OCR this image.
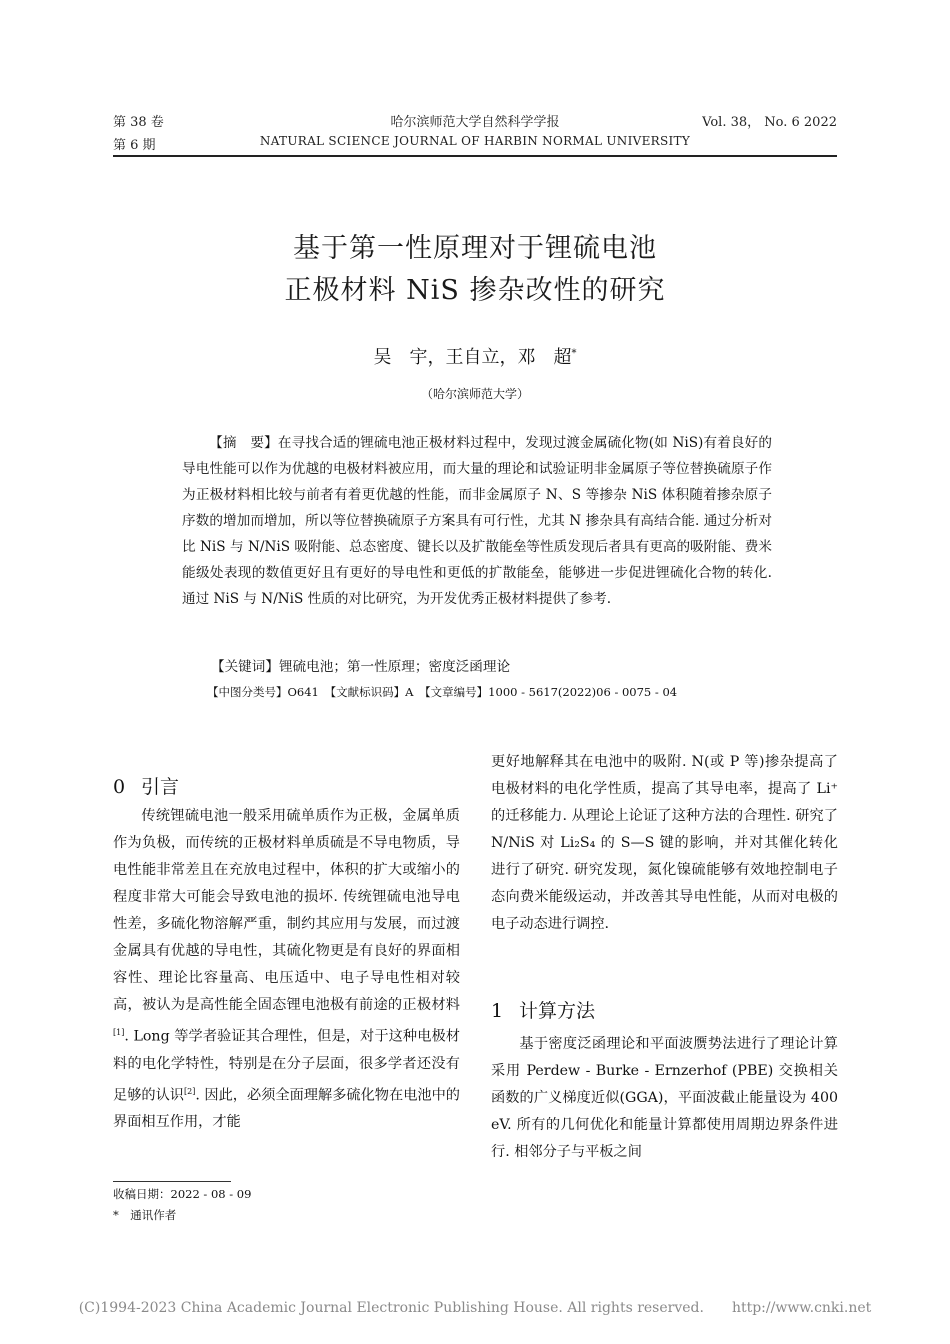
第 38 卷
第 6 期
哈尔滨师范大学自然科学学报
NATURAL SCIENCE JOURNAL OF HARBIN NORMAL UNIVERSITY
Vol. 38， No. 6 2022
基于第一性原理对于锂硫电池
正极材料 NiS 掺杂改性的研究
吴　宇，王自立，邓　超*
（哈尔滨师范大学）
【摘　要】在寻找合适的锂硫电池正极材料过程中，发现过渡金属硫化物(如 NiS)有着良好的导电性能可以作为优越的电极材料被应用，而大量的理论和试验证明非金属原子等位替换硫原子作为正极材料相比较与前者有着更优越的性能，而非金属原子 N、S 等掺杂 NiS 体积随着掺杂原子序数的增加而增加，所以等位替换硫原子方案具有可行性，尤其 N 掺杂具有高结合能. 通过分析对比 NiS 与 N/NiS 吸附能、总态密度、键长以及扩散能垒等性质发现后者具有更高的吸附能、费米能级处表现的数值更好且有更好的导电性和更低的扩散能垒，能够进一步促进锂硫化合物的转化. 通过 NiS 与 N/NiS 性质的对比研究，为开发优秀正极材料提供了参考.
【关键词】锂硫电池；第一性原理；密度泛函理论
【中图分类号】O641　【文献标识码】A　【文章编号】1000 - 5617(2022)06 - 0075 - 04
0 引言
传统锂硫电池一般采用硫单质作为正极，金属单质作为负极，而传统的正极材料单质硫是不导电物质，导电性能非常差且在充放电过程中，体积的扩大或缩小的程度非常大可能会导致电池的损坏. 传统锂硫电池导电性差，多硫化物溶解严重，制约其应用与发展，而过渡金属具有优越的导电性，其硫化物更是有良好的界面相容性、理论比容量高、电压适中、电子导电性相对较高，被认为是高性能全固态锂电池极有前途的正极材料[1]. Long 等学者验证其合理性，但是，对于这种电极材料的电化学特性，特别是在分子层面，很多学者还没有足够的认识[2]. 因此，必须全面理解多硫化物在电池中的界面相互作用，才能
更好地解释其在电池中的吸附. N(或 P 等)掺杂提高了电极材料的电化学性质，提高了其导电率，提高了 Li⁺ 的迁移能力. 从理论上论证了这种方法的合理性. 研究了 N/NiS 对 Li₂S₄ 的 S—S 键的影响，并对其催化转化进行了研究. 研究发现，氮化镍硫能够有效地控制电子态向费米能级运动，并改善其导电性能，从而对电极的电子动态进行调控.
1 计算方法
基于密度泛函理论和平面波赝势法进行了理论计算采用 Perdew - Burke - Ernzerhof (PBE) 交换相关函数的广义梯度近似(GGA)，平面波截止能量设为 400 eV. 所有的几何优化和能量计算都使用周期边界条件进行. 相邻分子与平板之间
收稿日期：2022 - 08 - 09
*　通讯作者
(C)1994-2023 China Academic Journal Electronic Publishing House. All rights reserved.　　http://www.cnki.net
